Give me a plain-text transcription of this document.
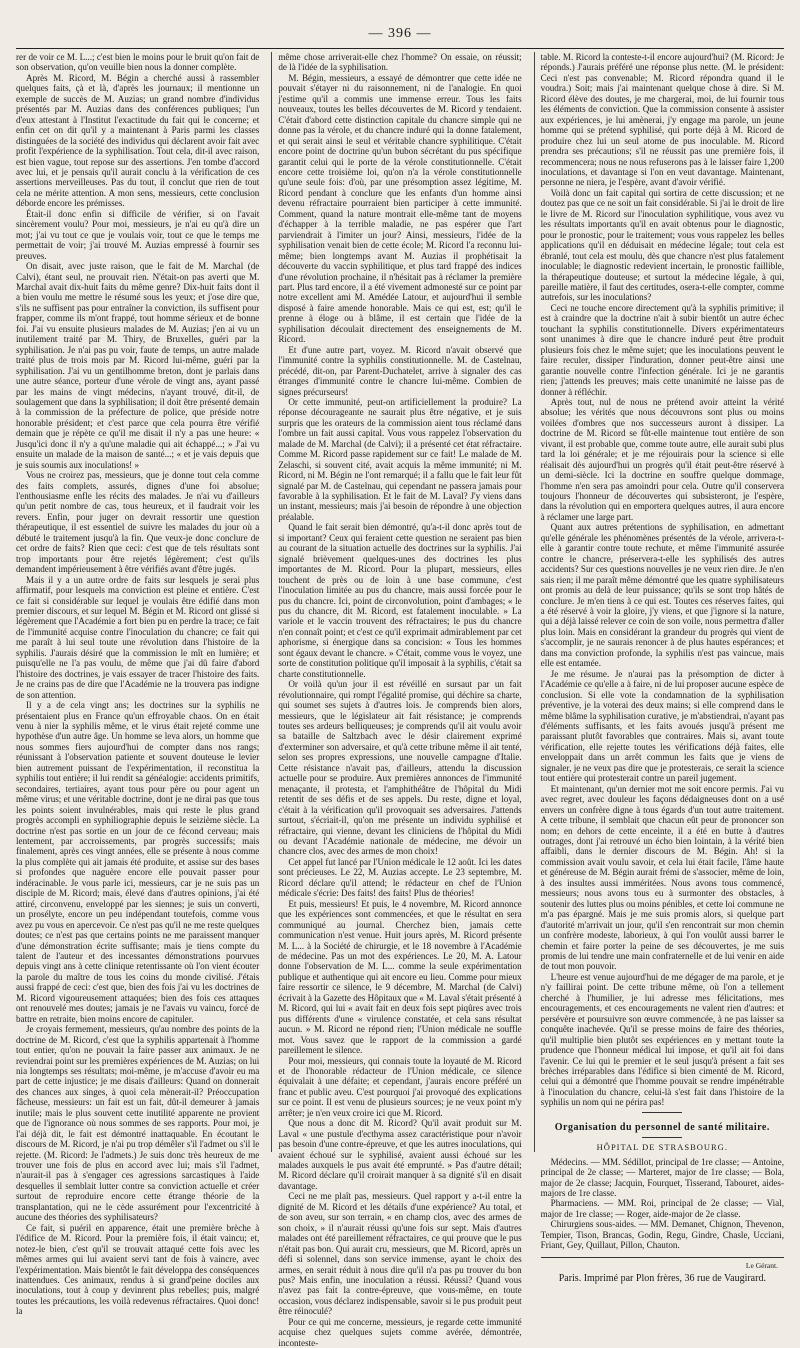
— 396 —

rer de voir ce M. L...; c'est bien le moins pour le bruit qu'on fait de son observation, qu'on veuille bien nous la donner complète.

Après M. Ricord, M. Bégin a cherché aussi à rassembler quelques faits, çà et là, d'après les journaux; il mentionne un exemple de succès de M. Auzias; un grand nombre d'individus présentés par M. Auzias dans des conférences publiques; l'un d'eux attestant à l'Institut l'exactitude du fait qui le concerne; et enfin cet on dit qu'il y a maintenant à Paris parmi les classes distinguées de la société des individus qui déclarent avoir fait avec profit l'expérience de la syphilisation. Tout cela, dit-il avec raison, est bien vague, tout repose sur des assertions. J'en tombe d'accord avec lui, et je pensais qu'il aurait conclu à la vérification de ces assertions merveilleuses. Pas du tout, il conclut que rien de tout cela ne mérite attention. A mon sens, messieurs, cette conclusion déborde encore les prémisses.

Était-il donc enfin si difficile de vérifier, si on l'avait sincèrement voulu? Pour moi, messieurs, je n'ai eu qu'à dire un mot; j'ai vu tout ce que je voulais voir, tout ce que le temps me permettait de voir; j'ai trouvé M. Auzias empressé à fournir ses preuves.

On disait, avec juste raison, que le fait de M. Marchal (de Calvi), étant seul, ne prouvait rien. N'était-on pas averti que M. Marchal avait dix-huit faits du même genre? Dix-huit faits dont il a bien voulu me mettre le résumé sous les yeux; et j'ose dire que, s'ils ne suffisent pas pour entraîner la conviction, ils suffisent pour frapper, comme ils m'ont frappé, tout homme sérieux et de bonne foi. J'ai vu ensuite plusieurs malades de M. Auzias; j'en ai vu un inutilement traité par M. Thiry, de Bruxelles, guéri par la syphilisation. Je n'ai pas pu voir, faute de temps, un autre malade traité plus de trois mois par M. Ricord lui-même, guéri par la syphilisation. J'ai vu un gentilhomme breton, dont je parlais dans une autre séance, porteur d'une vérole de vingt ans, ayant passé par les mains de vingt médecins, n'ayant trouvé, dit-il, de soulagement que dans la syphilisation; il doit être présenté demain à la commission de la préfecture de police, que préside notre honorable président; et c'est parce que cela pourra être vérifié demain que je répète ce qu'il me disait il n'y a pas une heure: « Jusqu'ici donc il n'y a qu'une maladie qui ait échappé...; » J'ai vu ensuite un malade de la maison de santé...; « et je vais depuis que je suis soumis aux inoculations! »

Vous ne croirez pas, messieurs, que je donne tout cela comme des faits complets, assurés, dignes d'une foi absolue; l'enthousiasme enfle les récits des malades. Je n'ai vu d'ailleurs qu'un petit nombre de cas, tous heureux, et il faudrait voir les revers. Enfin, pour juger on devrait ressortir une question thérapeutique, il est essentiel de suivre les malades du jour où a débuté le traitement jusqu'à la fin. Que veux-je donc conclure de cet ordre de faits? Rien que ceci: c'est que de tels résultats sont trop importants pour être rejetés légèrement; c'est qu'ils demandent impérieusement à être vérifiés avant d'être jugés.

Mais il y a un autre ordre de faits sur lesquels je serai plus affirmatif, pour lesquels ma conviction est pleine et entière. C'est ce fait si considérable sur lequel je voulais être édifié dans mon premier discours, et sur lequel M. Bégin et M. Ricord ont glissé si légèrement que l'Académie a fort bien pu en perdre la trace; ce fait de l'immunité acquise contre l'inoculation du chancre; ce fait qui me paraît à lui seul toute une révolution dans l'histoire de la syphilis. J'aurais désiré que la commission le mît en lumière; et puisqu'elle ne l'a pas voulu, de même que j'ai dû faire d'abord l'histoire des doctrines, je vais essayer de tracer l'histoire des faits. Je ne crains pas de dire que l'Académie ne la trouvera pas indigne de son attention.

Il y a de cela vingt ans; les doctrines sur la syphilis ne présentaient plus en France qu'un effroyable chaos. On en était venu à nier la syphilis même, et le virus était rejeté comme une hypothèse d'un autre âge. Un homme se leva alors, un homme que nous sommes fiers aujourd'hui de compter dans nos rangs; réunissant à l'observation patiente et souvent douteuse le levier bien autrement puissant de l'expérimentation, il reconstitua la syphilis tout entière; il lui rendit sa généalogie: accidents primitifs, secondaires, tertiaires, ayant tous pour père ou pour agent un même virus; et une véritable doctrine, dont je ne dirai pas que tous les points soient invulnérables, mais qui reste le plus grand progrès accompli en syphiliographie depuis le seizième siècle. La doctrine n'est pas sortie en un jour de ce fécond cerveau; mais lentement, par accroissements, par progrès successifs; mais finalement, après ces vingt années, elle se présente à nous comme la plus complète qui ait jamais été produite, et assise sur des bases si profondes que naguère encore elle pouvait passer pour indéracinable. Je vous parle ici, messieurs, car je ne suis pas un disciple de M. Ricord; mais, élevé dans d'autres opinions, j'ai été attiré, circonvenu, enveloppé par les siennes; je suis un converti, un prosélyte, encore un peu indépendant toutefois, comme vous avez pu vous en apercevoir. Ce n'est pas qu'il ne me reste quelques doutes; ce n'est pas que certains points ne me paraissent manquer d'une démonstration écrite suffisante; mais je tiens compte du talent de l'auteur et des incessantes démonstrations pourvues depuis vingt ans à cette clinique retentissante où l'on vient écouter la parole du maître de tous les coins du monde civilisé. J'étais aussi frappé de ceci: c'est que, bien des fois j'ai vu les doctrines de M. Ricord vigoureusement attaquées; bien des fois ces attaques ont renouvelé mes doutes; jamais je ne l'avais vu vaincu, forcé de battre en retraite, bien moins encore de capituler.

Je croyais fermement, messieurs, qu'au nombre des points de la doctrine de M. Ricord, c'est que la syphilis appartenait à l'homme tout entier, qu'on ne pouvait la faire passer aux animaux. Je ne reviendrai point sur les premières expériences de M. Auzias; on lui nia longtemps ses résultats; moi-même, je m'accuse d'avoir eu ma part de cette injustice; je me disais d'ailleurs: Quand on donnerait des chances aux singes, à quoi cela mènerait-il? Préoccupation fâcheuse, messieurs: un fait est un fait, dût-il demeurer à jamais inutile; mais le plus souvent cette inutilité apparente ne provient que de l'ignorance où nous sommes de ses rapports. Pour moi, je l'ai déjà dit, le fait est démontré inattaquable. En écoutant le discours de M. Ricord, je n'ai pu trop démêler s'il l'admet ou s'il le rejette. (M. Ricord: Je l'admets.) Je suis donc très heureux de me trouver une fois de plus en accord avec lui; mais s'il l'admet, n'aurait-il pas à s'engager ces agressions sarcastiques à l'aide desquelles il semblait lutter contre sa conviction actuelle et créer surtout de reproduire encore cette étrange théorie de la transplantation, qui ne le cède assurément pour l'excentricité à aucune des théories des syphilisateurs?

Ce fait, si puéril en apparence, était une première brèche à l'édifice de M. Ricord. Pour la première fois, il était vaincu; et, notez-le bien, c'est qu'il se trouvait attaqué cette fois avec les mêmes armes qui lui avaient servi tant de fois à vaincre, avec l'expérimentation. Mais bientôt le fait développa des conséquences inattendues. Ces animaux, rendus à si grand'peine dociles aux inoculations, tout à coup y devinrent plus rebelles; puis, malgré toutes les précautions, les voilà redevenus réfractaires. Quoi donc! la

même chose arriverait-elle chez l'homme? On essaie, on réussit; de là l'idée de la syphilisation.

M. Bégin, messieurs, a essayé de démontrer que cette idée ne pouvait s'étayer ni du raisonnement, ni de l'analogie. En quoi j'estime qu'il a commis une immense erreur. Tous les faits nouveaux, toutes les belles découvertes de M. Ricord y tendaient. C'était d'abord cette distinction capitale du chancre simple qui ne donne pas la vérole, et du chancre induré qui la donne fatalement, et qui serait ainsi le seul et véritable chancre syphilitique. C'était encore point de doctrine qu'un bubon sécrétant du pus spécifique garantit celui qui le porte de la vérole constitutionnelle. C'était encore cette troisième loi, qu'on n'a la vérole constitutionnelle qu'une seule fois: d'où, par une présomption assez légitime, M. Ricord pendant à conclure que les enfants d'un homme ainsi devenu réfractaire pourraient bien participer à cette immunité. Comment, quand la nature montrait elle-même tant de moyens d'échapper à la terrible maladie, ne pas espérer que l'art parviendrait à l'imiter un jour? Ainsi, messieurs, l'idée de la syphilisation venait bien de cette école; M. Ricord l'a reconnu lui-même; bien longtemps avant M. Auzias il prophétisait la découverte du vaccin syphilitique, et plus tard frappé des indices d'une révolution prochaine, il n'hésitait pas à réclamer la première part. Plus tard encore, il a été vivement admonesté sur ce point par notre excellent ami M. Amédée Latour, et aujourd'hui il semble disposé à faire amende honorable. Mais ce qui est, est; qu'il le prenne à éloge ou à blâme, il est certain que l'idée de la syphilisation découlait directement des enseignements de M. Ricord.

Et d'une autre part, voyez. M. Ricord n'avait observé que l'immunité contre la syphilis constitutionnelle. M. de Castelnau, précédé, dit-on, par Parent-Duchatelet, arrive à signaler des cas étranges d'immunité contre le chancre lui-même. Combien de signes précurseurs!

Or cette immunité, peut-on artificiellement la produire? La réponse décourageante ne saurait plus être négative, et je suis surpris que les orateurs de la commission aient tous réclamé dans l'ombre un fait aussi capital. Vous vous rappelez l'observation du malade de M. Marchal (de Calvi); il a présenté cet état réfractaire. Comme M. Ricord passe rapidement sur ce fait! Le malade de M. Zelaschi, si souvent cité, avait acquis la même immunité; ni M. Ricord, ni M. Bégin ne l'ont remarqué; il a fallu que le fait leur fût signalé par M. de Castelnau, qui cependant ne passera jamais pour favorable à la syphilisation. Et le fait de M. Laval? J'y viens dans un instant, messieurs; mais j'ai besoin de répondre à une objection préalable.

Quand le fait serait bien démontré, qu'a-t-il donc après tout de si important? Ceux qui feraient cette question ne seraient pas bien au courant de la situation actuelle des doctrines sur la syphilis. J'ai signalé brièvement quelques-unes des doctrines les plus importantes de M. Ricord. Pour la plupart, messieurs, elles touchent de près ou de loin à une base commune, c'est l'inoculation limitée au pus du chancre, mais aussi forcée pour le pus du chancre. Ici, point de circonvolution, point d'ambages; « le pus du chancre, dit M. Ricord, est fatalement inoculable. » La variole et le vaccin trouvent des réfractaires; le pus du chancre n'en connaît point; et c'est ce qu'il exprimait admirablement par cet aphorisme, si énergique dans sa concision: « Tous les hommes sont égaux devant le chancre. » C'était, comme vous le voyez, une sorte de constitution politique qu'il imposait à la syphilis, c'était sa charte constitutionnelle.

Or voilà qu'un jour il est révéillé en sursaut par un fait révolutionnaire, qui rompt l'égalité promise, qui déchire sa charte, qui soumet ses sujets à d'autres lois. Je comprends bien alors, messieurs, que le législateur ait fait résistance; je comprends toutes ses ardeurs belliqueuses; je comprends qu'il ait voulu avoir sa bataille de Saltzbach avec le désir clairement exprimé d'exterminer son adversaire, et qu'à cette tribune même il ait tenté, selon ses propres expressions, une nouvelle campagne d'Italie. Cette résistance n'avait pas, d'ailleurs, attendu la discussion actuelle pour se produire. Aux premières annonces de l'immunité menaçante, il protesta, et l'amphithéâtre de l'hôpital du Midi retentit de ses défis et de ses appels. Du reste, digne et loyal, c'était à la vérification qu'il provoquait ses adversaires. J'attends surtout, s'écriait-il, qu'on me présente un individu syphilisé et réfractaire, qui vienne, devant les cliniciens de l'hôpital du Midi ou devant l'Académie nationale de médecine, me dévoir un chancre clos, avec des armes de mon choix!

Cet appel fut lancé par l'Union médicale le 12 août. Ici les dates sont précieuses. Le 22, M. Auzias accepte. Le 23 septembre, M. Ricord déclare qu'il attend; le rédacteur en chef de l'Union médicale s'écrie: Des faits! des faits! Plus de théories!

Et puis, messieurs! Et puis, le 4 novembre, M. Ricord annonce que les expériences sont commencées, et que le résultat en sera communiqué au journal. Cherchez bien, jamais cette communication n'est venue. Huit jours après, M. Ricord présente M. L... à la Société de chirurgie, et le 18 novembre à l'Académie de médecine. Pas un mot des expériences. Le 20, M. A. Latour donne l'observation de M. L... comme la seule expérimentation publique et authentique qui ait encore eu lieu. Comme pour mieux faire ressortir ce silence, le 9 décembre, M. Marchal (de Calvi) écrivait à la Gazette des Hôpitaux que « M. Laval s'était présenté à M. Ricord, qui lui « avait fait en deux fois sept piqûres avec trois pus différents d'une « virulence constatée, et cela sans résultat aucun. » M. Ricord ne répond rien; l'Union médicale ne souffle mot. Vous savez que le rapport de la commission a gardé pareillement le silence.

Pour moi, messieurs, qui connais toute la loyauté de M. Ricord et de l'honorable rédacteur de l'Union médicale, ce silence équivalait à une défaite; et cependant, j'aurais encore préféré un franc et public aveu. C'est pourquoi j'ai provoqué des explications sur ce point. Il est venu de plusieurs sources; je ne veux point m'y arrêter; je n'en veux croire ici que M. Ricord.

Que nous a donc dit M. Ricord? Qu'il avait produit sur M. Laval « une pustule d'ecthyma assez caractéristique pour n'avoir pas besoin d'une contre-épreuve, et que les autres inoculations, qui avaient échoué sur le syphilisé, avaient aussi échoué sur les malades auxquels le pus avait été emprunté. » Pas d'autre détail; M. Ricord déclare qu'il croirait manquer à sa dignité s'il en disait davantage.

Ceci ne me plaît pas, messieurs. Quel rapport y a-t-il entre la dignité de M. Ricord et les détails d'une expérience? Au total, et de son aveu, sur son terrain, « en champ clos, avec des armes de son choix, » il n'aurait réussi qu'une fois sur sept. Mais d'autres malades ont été pareillement réfractaires, ce qui prouve que le pus n'était pas bon. Qui aurait cru, messieurs, que M. Ricord, après un défi si solennel, dans son service immense, ayant le choix des armes, en serait réduit à nous dire qu'il n'a pas pu trouver du bon pus? Mais enfin, une inoculation a réussi. Réussi? Quand vous n'avez pas fait la contre-épreuve, que vous-même, en toute occasion, vous déclarez indispensable, savoir si le pus produit peut être réinoculé?

Pour ce qui me concerne, messieurs, je regarde cette immunité acquise chez quelques sujets comme avérée, démontrée, inconteste-

table. M. Ricord la conteste-t-il encore aujourd'hui? (M. Ricord: Je réponds.) J'aurais préféré une réponse plus nette. (M. le président: Ceci n'est pas convenable; M. Ricord répondra quand il le voudra.) Soit; mais j'ai maintenant quelque chose à dire. Si M. Ricord élève des doutes, je me chargerai, moi, de lui fournir tous les éléments de conviction. Que la commission consente à assister aux expériences, je lui amènerai, j'y engage ma parole, un jeune homme qui se prétend syphilisé, qui porte déjà à M. Ricord de produire chez lui un seul atome de pus inoculable. M. Ricord prendra ses précautions; s'il ne réussit pas une première fois, il recommencera; nous ne nous refuserons pas à le laisser faire 1,200 inoculations, et davantage si l'on en veut davantage. Maintenant, personne ne niera, je l'espère, avant d'avoir vérifié.

Voilà donc un fait capital qui sortira de cette discussion; et ne doutez pas que ce ne soit un fait considérable. Si j'ai le droit de lire le livre de M. Ricord sur l'inoculation syphilitique, vous avez vu les résultats importants qu'il en avait obtenus pour le diagnostic, pour le pronostic, pour le traitement; vous vous rappelez les belles applications qu'il en déduisait en médecine légale; tout cela est ébranlé, tout cela est moulu, dès que chancre n'est plus fatalement inoculable; le diagnostic redevient incertain, le pronostic faillible, la thérapeutique douteuse; et surtout la médecine légale, à qui, pareille matière, il faut des certitudes, osera-t-elle compter, comme autrefois, sur les inoculations?

Ceci ne touche encore directement qu'à la syphilis primitive; il est à craindre que la doctrine n'ait à subir bientôt un autre échec touchant la syphilis constitutionnelle. Divers expérimentateurs sont unanimes à dire que le chancre induré peut être produit plusieurs fois chez le même sujet; que les inoculations peuvent le faire reculer, dissiper l'induration, donner peut-être ainsi une garantie nouvelle contre l'infection générale. Ici je ne garantis rien; j'attends les preuves; mais cette unanimité ne laisse pas de donner à réfléchir.

Après tout, nul de nous ne prétend avoir atteint la vérité absolue; les vérités que nous découvrons sont plus ou moins voilées d'ombres que nos successeurs auront à dissiper. La doctrine de M. Ricord se fût-elle maintenue tout entière de son vivant, il est probable que, comme toute autre, elle aurait subi plus tard la loi générale; et je me réjouirais pour la science si elle réalisait dès aujourd'hui un progrès qu'il était peut-être réservé à un demi-siècle. Ici la doctrine en souffre quelque dommage, l'homme n'en sera pas amoindri pour cela. Outre qu'il conservera toujours l'honneur de découvertes qui subsisteront, je l'espère, dans la révolution qui en emportera quelques autres, il aura encore à réclamer une large part.

Quant aux autres prétentions de syphilisation, en admettant qu'elle générale les phénomènes présentés de la vérole, arrivera-t-elle à garantir contre toute rechute, et même l'immunité assurée contre le chancre, préservera-t-elle les syphilisés des autres accidents? Sur ces questions nouvelles je ne veux rien dire. Je n'en sais rien; il me paraît même démontré que les quatre syphilisateurs ont promis au delà de leur puissance; qu'ils se sont trop hâtés de conclure. Je m'en tiens à ce qui est. Toutes ces réserves faites, qui a été réservé à voir la gloire, j'y viens, et que j'ignore si la nature, qui a déjà laissé relever ce coin de son voile, nous permettra d'aller plus loin. Mais en considérant la grandeur du progrès qui vient de s'accomplir, je ne saurais renoncer à de plus hautes espérances; et dans ma conviction profonde, la syphilis n'est pas vaincue, mais elle est entamée.

Je me résume. Je n'aurai pas la présomption de dicter à l'Académie ce qu'elle a à faire, ni de lui proposer aucune espèce de conclusion. Si elle vote la condamnation de la syphilisation préventive, je la voterai des deux mains; si elle comprend dans le même blâme la syphilisation curative, je m'abstiendrai, n'ayant pas d'éléments suffisants, et les faits avoués jusqu'à présent me paraissant plutôt favorables que contraires. Mais si, avant toute vérification, elle rejette toutes les vérifications déjà faites, elle enveloppait dans un arrêt commun les faits que je viens de signaler, je ne veux pas dire que je protesterais, ce serait la science tout entière qui protesterait contre un pareil jugement.

Et maintenant, qu'un dernier mot me soit encore permis. J'ai vu avec regret, avec douleur les façons dédaigneuses dont on a usé envers un confrère digne à tous égards d'un tout autre traitement. A cette tribune, il semblait que chacun eût peur de prononcer son nom; en dehors de cette enceinte, il a été en butte à d'autres outrages, dont j'ai retrouvé un écho bien lointain, à la vérité bien affaibli, dans le dernier discours de M. Bégin. Ah! si la commission avait voulu savoir, et cela lui était facile, l'âme haute et généreuse de M. Bégin aurait frémi de s'associer, même de loin, à des insultes aussi imméritées. Nous avons tous commencé, messieurs; nous avons tous eu à surmonter des obstacles, à soutenir des luttes plus ou moins pénibles, et cette loi commune ne m'a pas épargné. Mais je me suis promis alors, si quelque part d'autorité m'arrivait un jour, qu'il s'en rencontrait sur mon chemin un confrère modeste, laborieux, à qui l'on voulût aussi barrer le chemin et faire porter la peine de ses découvertes, je me suis promis de lui tendre une main confraternelle et de lui venir en aide de tout mon pouvoir.

L'heure est venue aujourd'hui de me dégager de ma parole, et je n'y faillirai point. De cette tribune même, où l'on a tellement cherché à l'humilier, je lui adresse mes félicitations, mes encouragements, et ces encouragements ne valent rien d'autres: et persévère et poursuivre son œuvre commencée, à ne pas laisser sa conquête inachevée. Qu'il se presse moins de faire des théories, qu'il multiplie bien plutôt ses expériences en y mettant toute la prudence que l'honneur médical lui impose, et qu'il ait foi dans l'avenir. Ce lui qui le premier et le seul jusqu'à présent a fait ses brèches irréparables dans l'édifice si bien cimenté de M. Ricord, celui qui a démontré que l'homme pouvait se rendre impénétrable à l'inoculation du chancre, celui-là s'est fait dans l'histoire de la syphilis un nom qui ne périra pas!

Organisation du personnel de santé militaire.
HÔPITAL DE STRASBOURG.

Médecins. — MM. Sédillot, principal de 1re classe; — Antoine, principal de 2e classe; — Marteret, major de 1re classe; — Bola, major de 2e classe; Jacquin, Fourquet, Tisserand, Tabouret, aides-majors de 1re classe.

Pharmaciens. — MM. Roi, principal de 2e classe; — Vial, major de 1re classe; — Roger, aide-major de 2e classe.

Chirurgiens sous-aides. — MM. Demanet, Chignon, Thevenon, Tempier, Tison, Brancas, Godin, Regu, Gindre, Chasle, Ucciani, Friant, Gey, Quillaut, Pillon, Chauton.

Le Gérant.
Paris. Imprimé par Plon frères, 36 rue de Vaugirard.
